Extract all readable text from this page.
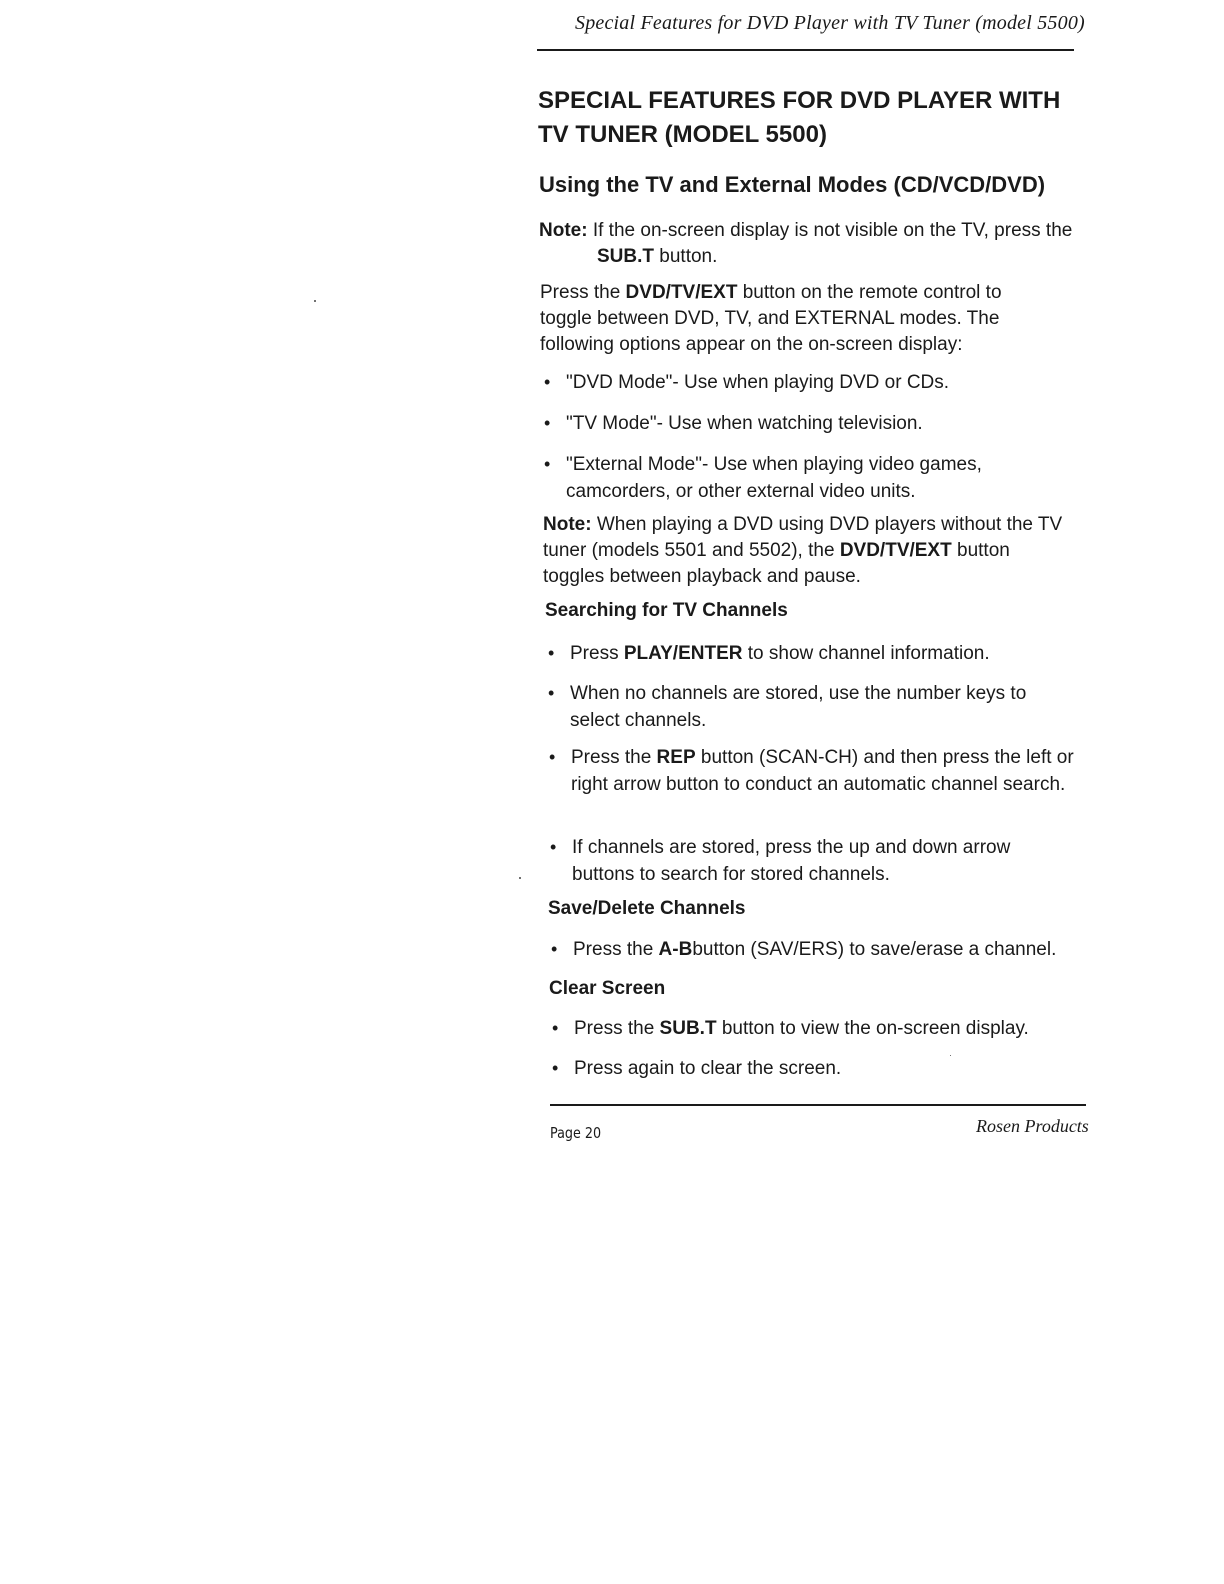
Special Features for DVD Player with TV Tuner (model 5500)
SPECIAL FEATURES FOR DVD PLAYER WITH TV TUNER (MODEL 5500)
Using the TV and External Modes (CD/VCD/DVD)

Note: If the on-screen display is not visible on the TV, press the SUB.T button.

Press the DVD/TV/EXT button on the remote control to toggle between DVD, TV, and EXTERNAL modes. The following options appear on the on-screen display:

• "DVD Mode"- Use when playing DVD or CDs.
• "TV Mode"- Use when watching television.
• "External Mode"- Use when playing video games, camcorders, or other external video units.

Note: When playing a DVD using DVD players without the TV tuner (models 5501 and 5502), the DVD/TV/EXT button toggles between playback and pause.

Searching for TV Channels
• Press PLAY/ENTER to show channel information.
• When no channels are stored, use the number keys to select channels.
• Press the REP button (SCAN-CH) and then press the left or right arrow button to conduct an automatic channel search.
• If channels are stored, press the up and down arrow buttons to search for stored channels.
Save/Delete Channels
• Press the A-Bbutton (SAV/ERS) to save/erase a channel.
Clear Screen
• Press the SUB.T button to view the on-screen display.
• Press again to clear the screen.
Page 20	Rosen Products
